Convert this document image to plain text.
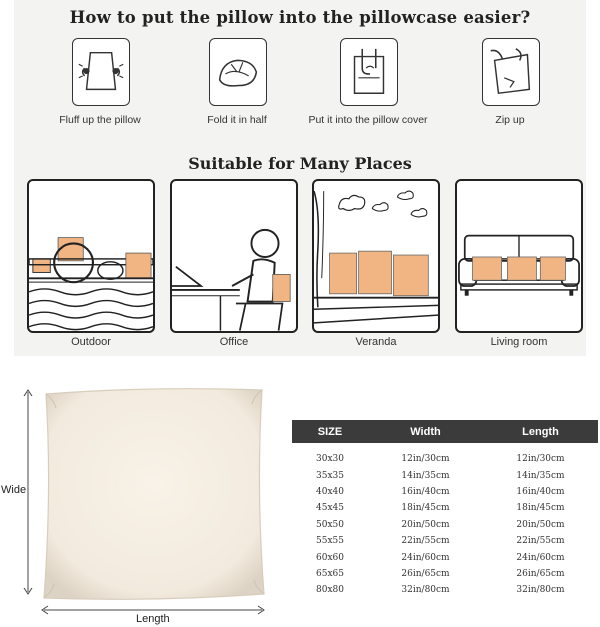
How to put the pillow into the pillowcase easier?
Fluff up the pillow	Fold it in half	Put it into the pillow cover	Zip up
Suitable for Many Places
Outdoor	Office	Veranda	Living room
Wide
Length
SIZE	Width	Length

30x30	12in/30cm	12in/30cm
35x35	14in/35cm	14in/35cm
40x40	16in/40cm	16in/40cm
45x45	18in/45cm	18in/45cm
50x50	20in/50cm	20in/50cm
55x55	22in/55cm	22in/55cm
60x60	24in/60cm	24in/60cm
65x65	26in/65cm	26in/65cm
80x80	32in/80cm	32in/80cm
